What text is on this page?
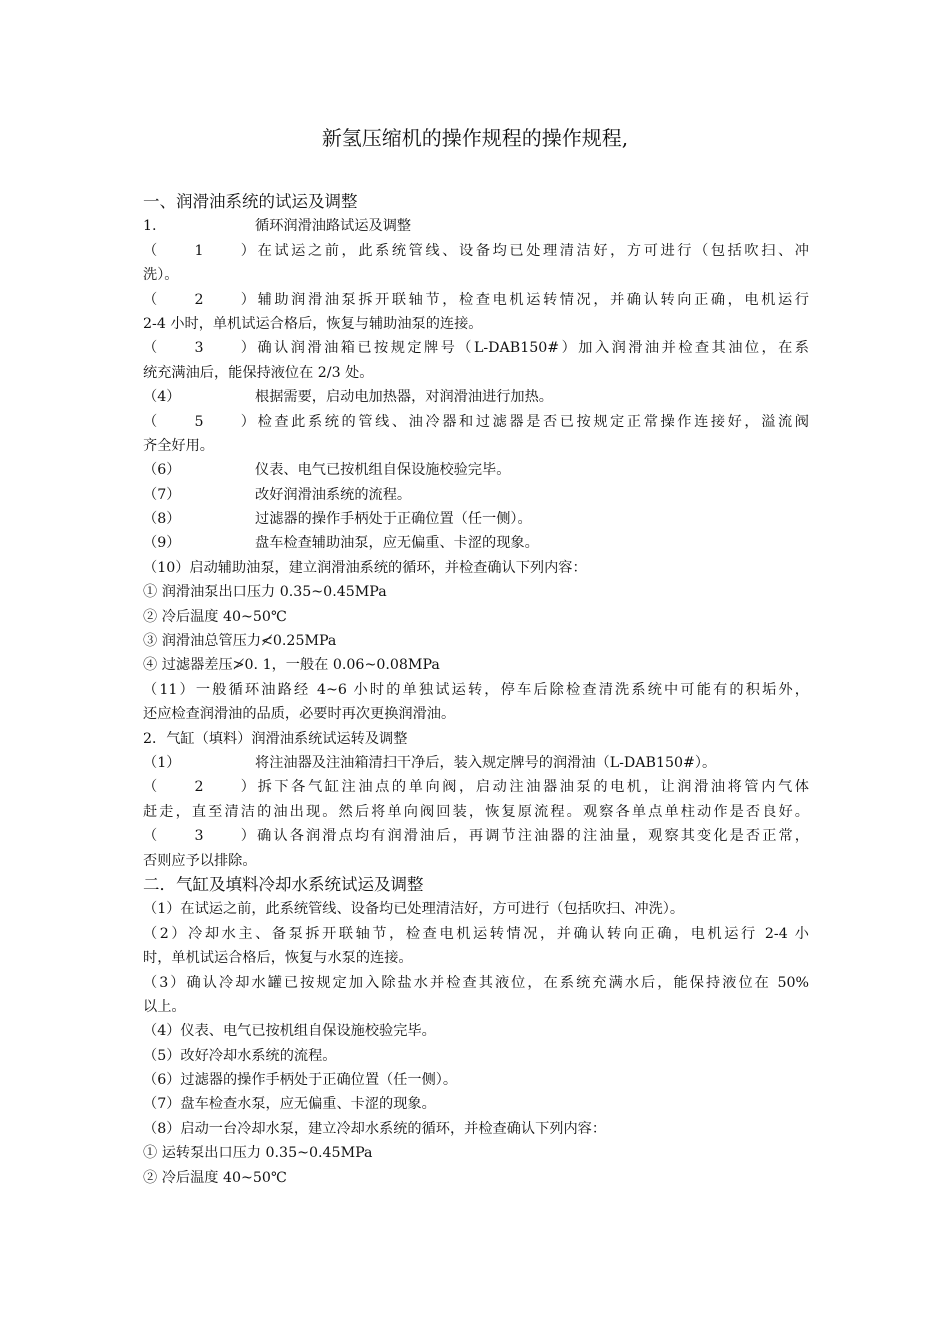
新氢压缩机的操作规程的操作规程,
一、润滑油系统的试运及调整
1.	循环润滑油路试运及调整
（1）在试运之前，此系统管线、设备均已处理清洁好，方可进行（包括吹扫、冲
洗）。
（2）辅助润滑油泵拆开联轴节，检查电机运转情况，并确认转向正确，电机运行
2-4 小时，单机试运合格后，恢复与辅助油泵的连接。
（3）确认润滑油箱已按规定牌号（L-DAB150#）加入润滑油并检查其油位，在系
统充满油后，能保持液位在 2/3 处。
（4）	根据需要，启动电加热器，对润滑油进行加热。
（5）检查此系统的管线、油冷器和过滤器是否已按规定正常操作连接好，溢流阀
齐全好用。
（6）	仪表、电气已按机组自保设施校验完毕。
（7）	改好润滑油系统的流程。
（8）	过滤器的操作手柄处于正确位置（任一侧）。
（9）	盘车检查辅助油泵，应无偏重、卡涩的现象。
（10）启动辅助油泵，建立润滑油系统的循环，并检查确认下列内容：
① 润滑油泵出口压力 0.35~0.45MPa
② 冷后温度 40~50℃
③ 润滑油总管压力≮0.25MPa
④ 过滤器差压≯0. 1，一般在 0.06~0.08MPa
（11）一般循环油路经 4~6 小时的单独试运转，停车后除检查清洗系统中可能有的积垢外，
还应检查润滑油的品质，必要时再次更换润滑油。
2．气缸（填料）润滑油系统试运转及调整
（1）	将注油器及注油箱清扫干净后，装入规定牌号的润滑油（L-DAB150#）。
（2）拆下各气缸注油点的单向阀，启动注油器油泵的电机，让润滑油将管内气体
赶走，直至清洁的油出现。然后将单向阀回装，恢复原流程。观察各单点单柱动作是否良好。
（3）确认各润滑点均有润滑油后，再调节注油器的注油量，观察其变化是否正常，
否则应予以排除。
二．气缸及填料冷却水系统试运及调整
（1）在试运之前，此系统管线、设备均已处理清洁好，方可进行（包括吹扫、冲洗）。
（2）冷却水主、备泵拆开联轴节，检查电机运转情况，并确认转向正确，电机运行 2-4 小
时，单机试运合格后，恢复与水泵的连接。
（3）确认冷却水罐已按规定加入除盐水并检查其液位，在系统充满水后，能保持液位在 50%
以上。
（4）仪表、电气已按机组自保设施校验完毕。
（5）改好冷却水系统的流程。
（6）过滤器的操作手柄处于正确位置（任一侧）。
（7）盘车检查水泵，应无偏重、卡涩的现象。
（8）启动一台冷却水泵，建立冷却水系统的循环，并检查确认下列内容：
① 运转泵出口压力 0.35~0.45MPa
② 冷后温度 40~50℃
